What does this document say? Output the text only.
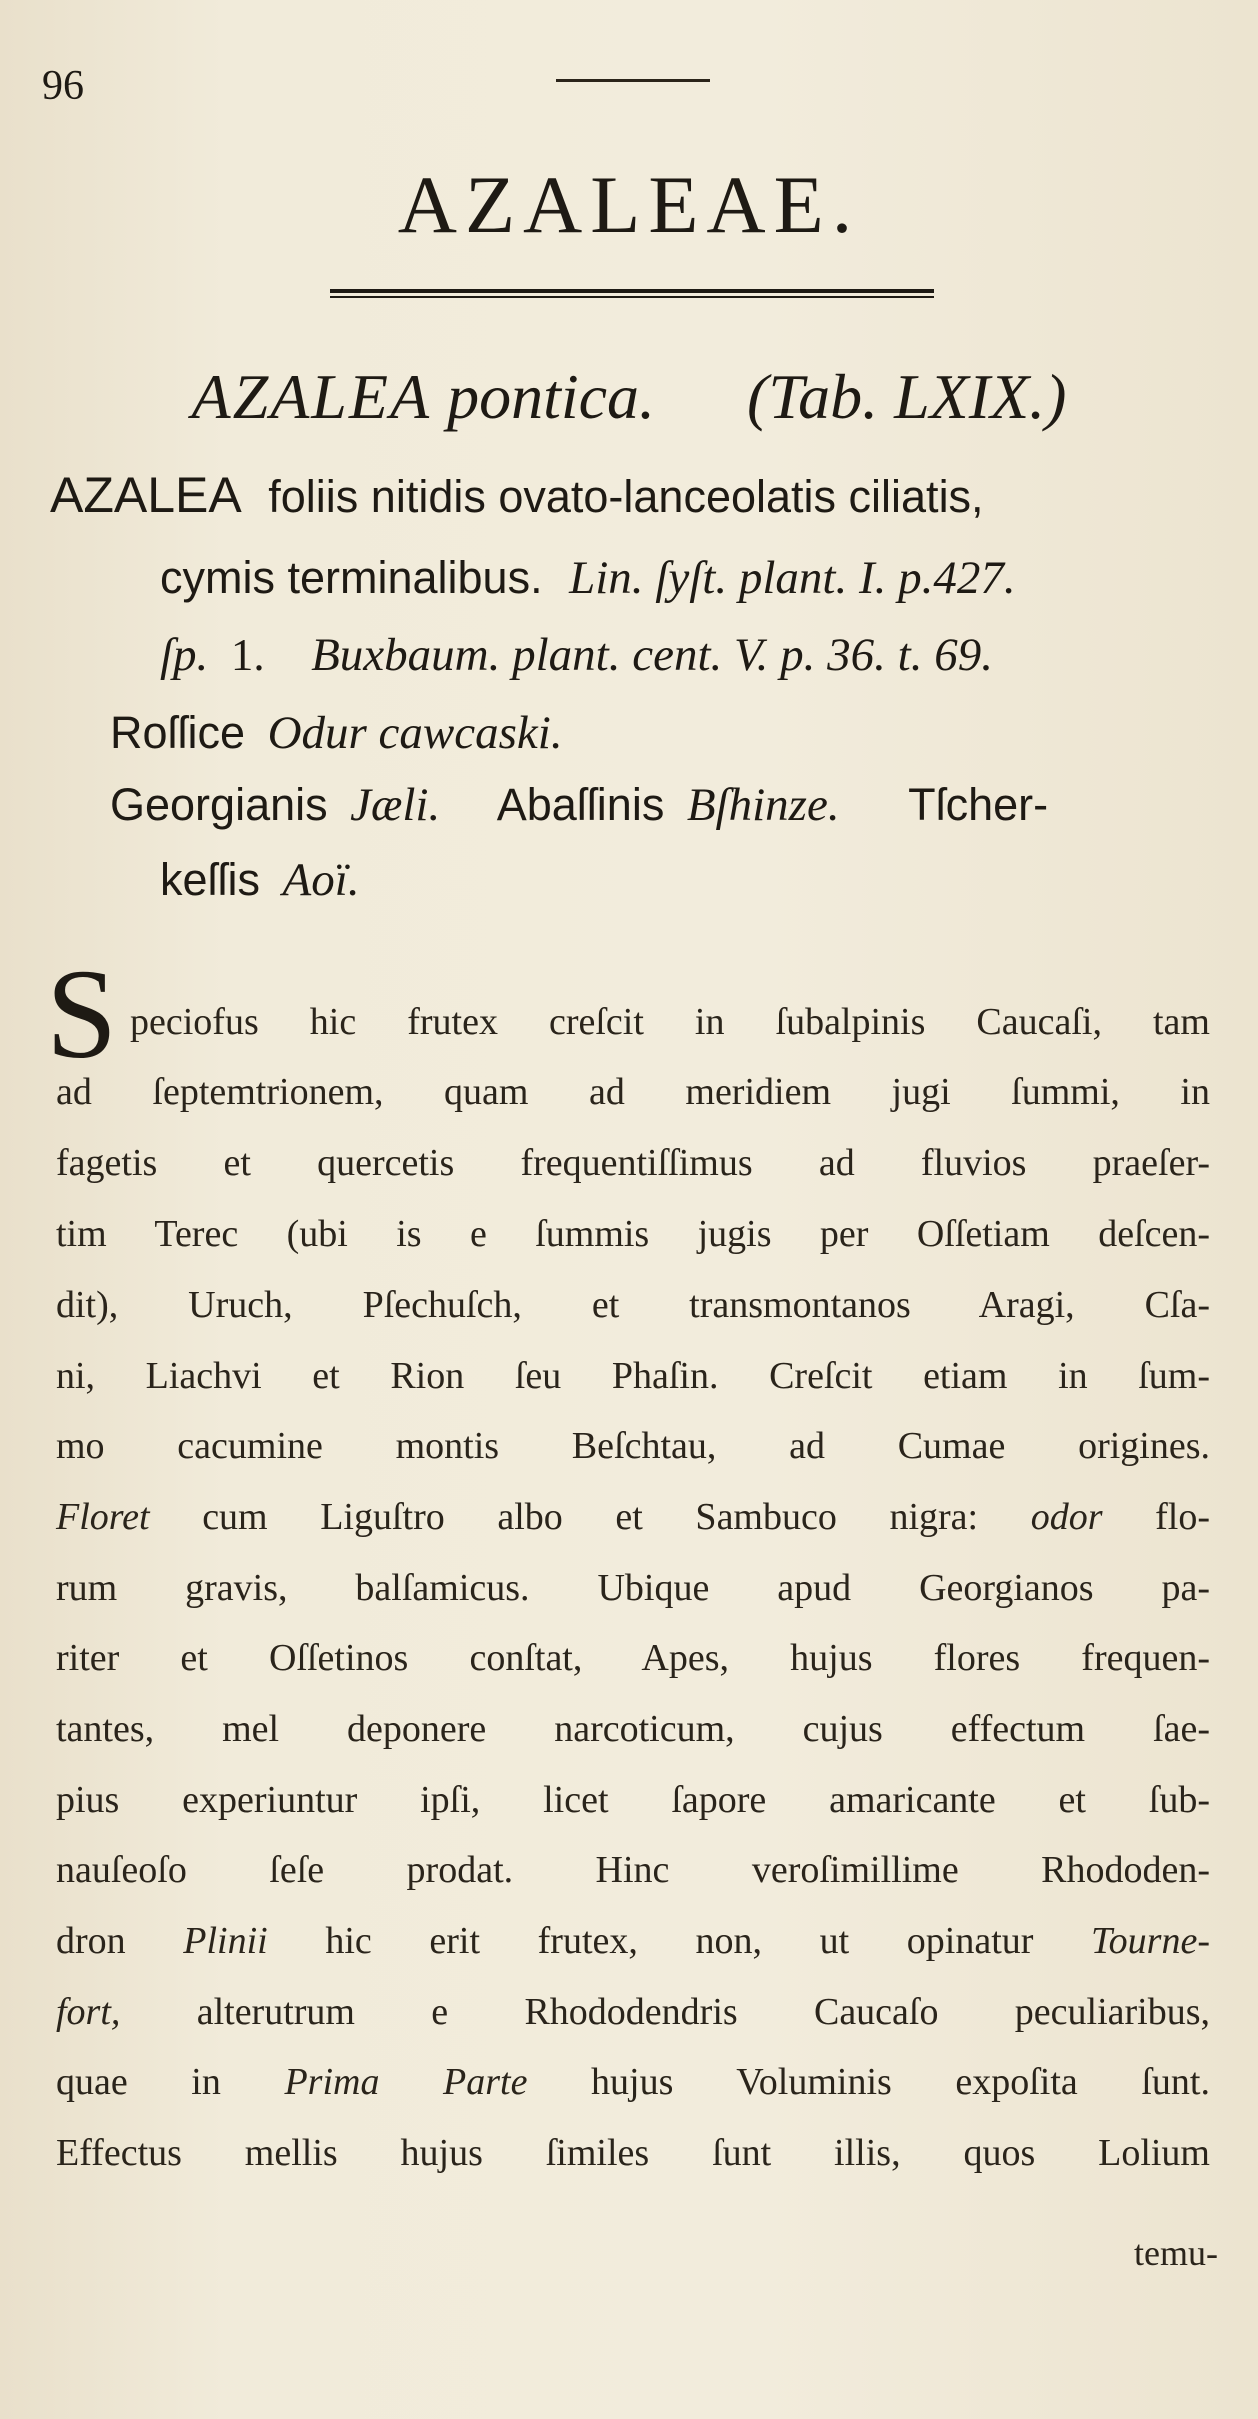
96
AZALEAE.
AZALEA pontica. (Tab. LXIX.)
AZALEA foliis nitidis ovato-lanceolatis ciliatis,
cymis terminalibus. Lin. ſyſt. plant. I. p.427.
ſp. 1. Buxbaum. plant. cent. V. p. 36. t. 69.
Roſſice Odur cawcaski.
Georgianis Jæli. Abaſſinis Bſhinze. Tſcher-
keſſis Aoï.
S peciofus hic frutex creſcit in ſubalpinis Caucaſi, tam
ad ſeptemtrionem, quam ad meridiem jugi ſummi, in
fagetis et quercetis frequentiſſimus ad fluvios praeſer-
tim Terec (ubi is e ſummis jugis per Oſſetiam deſcen-
dit), Uruch, Pſechuſch, et transmontanos Aragi, Cſa-
ni, Liachvi et Rion ſeu Phaſin. Creſcit etiam in ſum-
mo cacumine montis Beſchtau, ad Cumae origines.
Floret cum Liguſtro albo et Sambuco nigra: odor flo-
rum gravis, balſamicus. Ubique apud Georgianos pa-
riter et Oſſetinos conſtat, Apes, hujus flores frequen-
tantes, mel deponere narcoticum, cujus effectum ſae-
pius experiuntur ipſi, licet ſapore amaricante et ſub-
nauſeoſo ſeſe prodat. Hinc veroſimillime Rhododen-
dron Plinii hic erit frutex, non, ut opinatur Tourne-
fort, alterutrum e Rhododendris Caucaſo peculiaribus,
quae in Prima Parte hujus Voluminis expoſita ſunt.
Effectus mellis hujus ſimiles ſunt illis, quos Lolium
temu-
